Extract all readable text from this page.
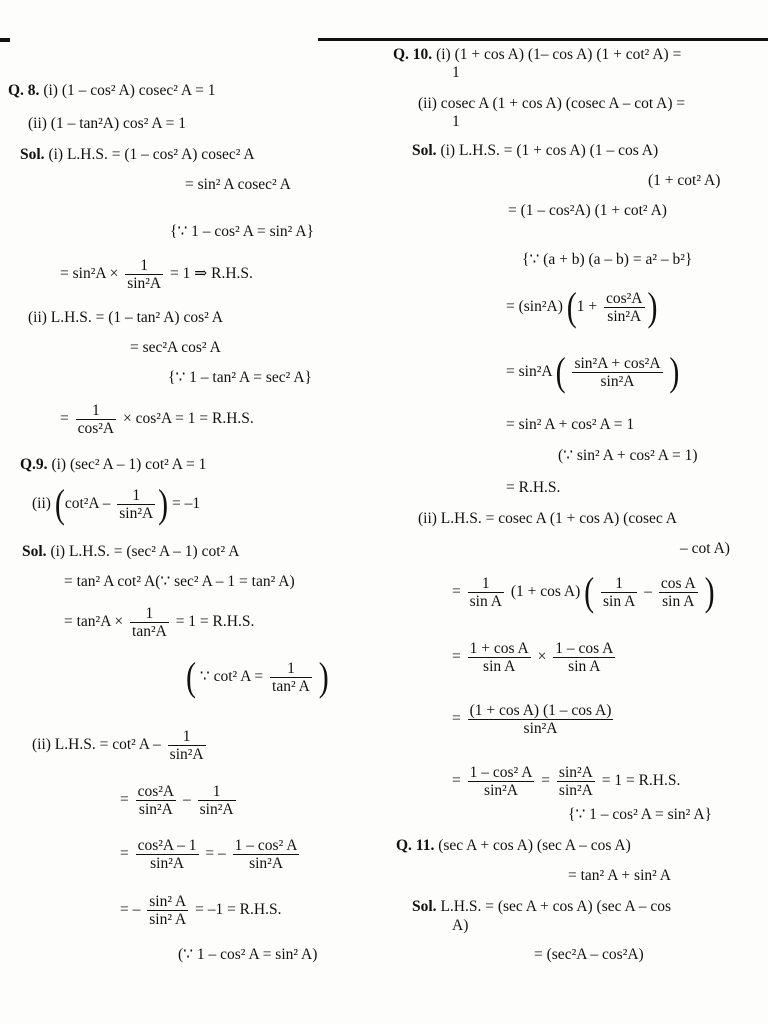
Q. 8. (i) (1 – cos² A) cosec² A = 1
(ii) (1 – tan²A) cos² A = 1
Sol. (i) L.H.S. = (1 – cos² A) cosec² A
= sin² A cosec² A
{∵ 1 – cos² A = sin² A}
= $\sin^2A \times \frac{1}{\text{sin²A}} = 1$ ⇒ R.H.S.
(ii) L.H.S. = (1 – tan² A) cos² A
= sec²A cos² A
{∵ 1 – tan² A = sec² A}
= $\frac{1}{\text{cos²A}} \times \cos^2A = 1 = R.H.S$.
Q.9. (i) (sec² A – 1) cot² A = 1
(ii) ($\cot^2A - \frac{1}{\text{sin²A}}$ ) = –1
Sol. (i) L.H.S. = (sec² A – 1) cot² A
= tan² A cot² A(∵ sec² A – 1 = tan² A)
= $\tan^2A \times \frac{1}{\text{tan²A}} = 1 = R.H.S$.
( ∵ cot² $A = \frac{1}{\text{tan² A}}$ )
(ii) L.H.S. = cot² A – $\frac{1}{\text{sin²A}}$
= $\frac{\text{cos²A}}{\text{sin²A}} - \frac{1}{\text{sin²A}}$
= $\frac{\text{cos²A – 1}}{\text{sin²A}}$ = – $\frac{\text{1 – cos² A}}{\text{sin²A}}$
= – $\frac{\text{sin² A}}{\text{sin² A}} = -1 = R.H.S$.
(∵ 1 – cos² A = sin² A)
Q. 10. (i) (1 + cos A) (1– cos A) (1 + cot² A) =
1
(ii) cosec A (1 + cos A) (cosec A – cot A) =
1
Sol. (i) L.H.S. = (1 + cos A) (1 – cos A)
(1 + cot² A)
= (1 – cos²A) (1 + cot² A)
{∵ (a + b) (a – b) = a² – b²}
= (sin²A) ($1 + \frac{\text{cos²A}}{\text{sin²A}}$ )
= sin²A ( $\frac{\text{sin²A + cos²A}}{\text{sin²A}}$ )
= sin² A + cos² A = 1
(∵ sin² A + cos² A = 1)
= R.H.S.
(ii) L.H.S. = cosec A (1 + cos A) (cosec A
– cot A)
= $\frac{1}{\text{sin A}} (1 + \cos A)$ ( $\frac{1}{\text{sin A}} - \frac{\text{cos A}}{\text{sin A}}$ )
= $\frac{\text{1 + cos A}}{\text{sin A}} \times \frac{\text{1 – cos A}}{\text{sin A}}$
= $\frac{\text{(1 + cos A) (1 – cos A)}}{\text{sin²A}}$
= $\frac{\text{1 – cos² A}}{\text{sin²A}} = \frac{\text{sin²A}}{\text{sin²A}} = 1 = R.H.S$.
{∵ 1 – cos² A = sin² A}
Q. 11. (sec A + cos A) (sec A – cos A)
= tan² A + sin² A
Sol. L.H.S. = (sec A + cos A) (sec A – cos
A)
= (sec²A – cos²A)
